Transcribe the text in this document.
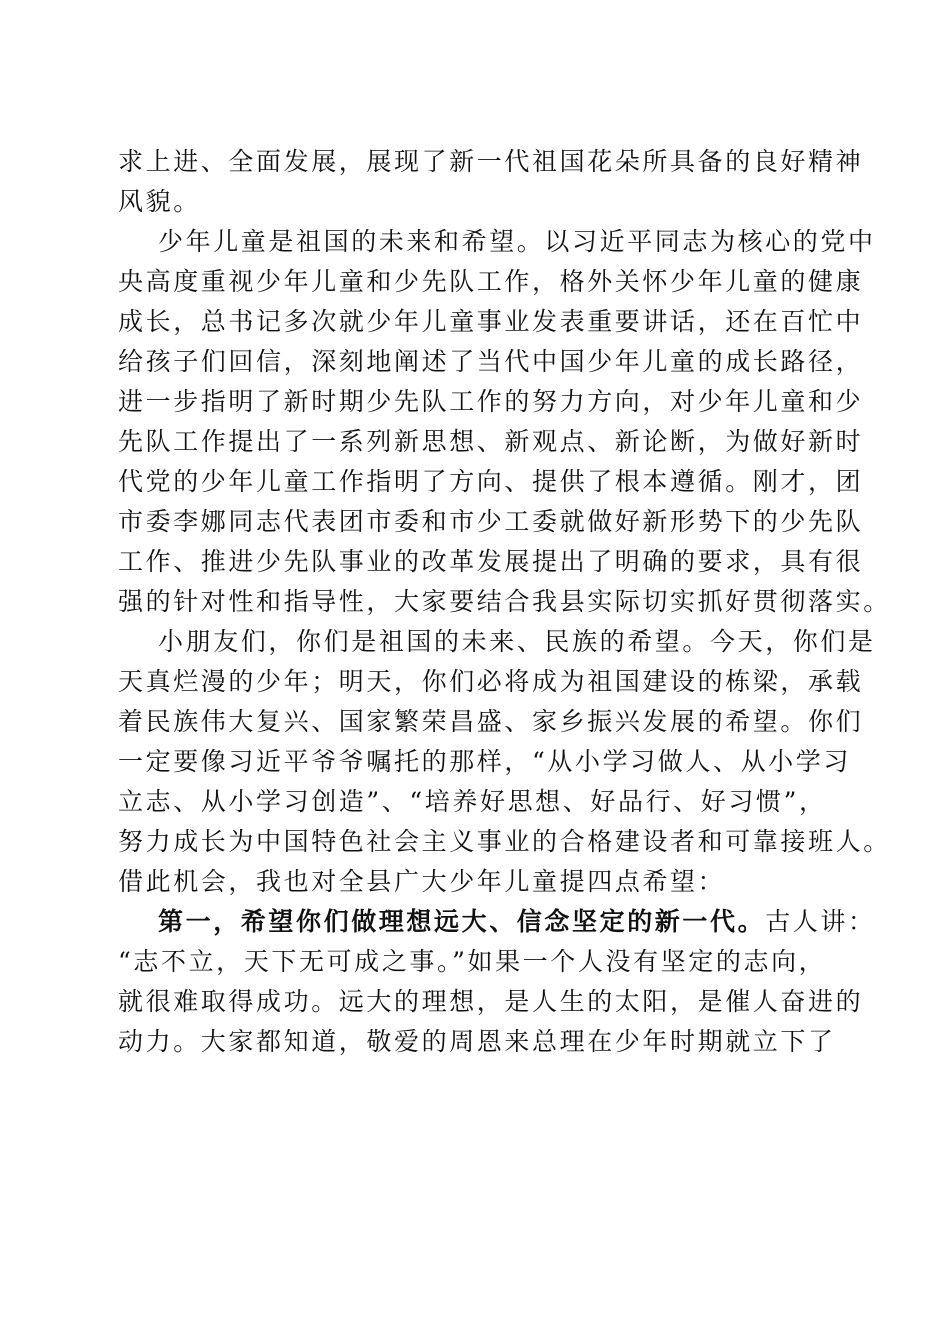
求上进、全面发展，展现了新一代祖国花朵所具备的良好精神
风貌。
少年儿童是祖国的未来和希望。以习近平同志为核心的党中
央高度重视少年儿童和少先队工作，格外关怀少年儿童的健康
成长，总书记多次就少年儿童事业发表重要讲话，还在百忙中
给孩子们回信，深刻地阐述了当代中国少年儿童的成长路径，
进一步指明了新时期少先队工作的努力方向，对少年儿童和少
先队工作提出了一系列新思想、新观点、新论断，为做好新时
代党的少年儿童工作指明了方向、提供了根本遵循。刚才，团
市委李娜同志代表团市委和市少工委就做好新形势下的少先队
工作、推进少先队事业的改革发展提出了明确的要求，具有很
强的针对性和指导性，大家要结合我县实际切实抓好贯彻落实。
小朋友们，你们是祖国的未来、民族的希望。今天，你们是
天真烂漫的少年；明天，你们必将成为祖国建设的栋梁，承载
着民族伟大复兴、国家繁荣昌盛、家乡振兴发展的希望。你们
一定要像习近平爷爷嘱托的那样，“从小学习做人、从小学习
立志、从小学习创造”、“培养好思想、好品行、好习惯”，
努力成长为中国特色社会主义事业的合格建设者和可靠接班人。
借此机会，我也对全县广大少年儿童提四点希望：
第一，希望你们做理想远大、信念坚定的新一代。古人讲：
“志不立，天下无可成之事。”如果一个人没有坚定的志向，
就很难取得成功。远大的理想，是人生的太阳，是催人奋进的
动力。大家都知道，敬爱的周恩来总理在少年时期就立下了
